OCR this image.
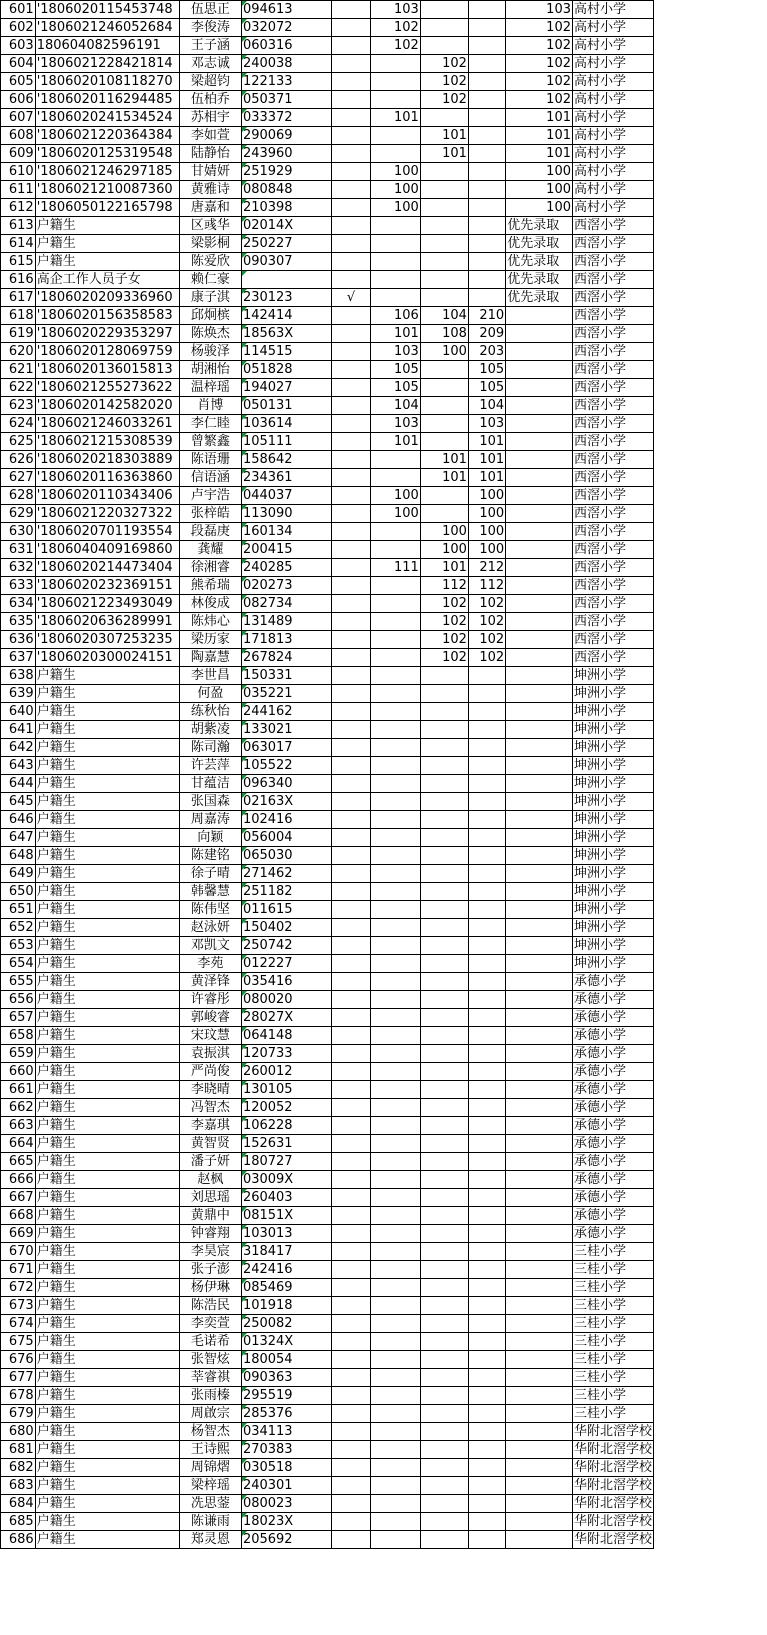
601	'1806020115453748	伍思正	094613		103			103	高村小学
602	'1806021246052684	李俊涛	032072		102			102	高村小学
603	180604082596191	王子涵	060316		102			102	高村小学
604	'1806021228421814	邓志诚	240038			102		102	高村小学
605	'1806020108118270	梁超钧	122133			102		102	高村小学
606	'1806020116294485	伍柏乔	050371			102		102	高村小学
607	'1806020241534524	苏相宇	033372		101			101	高村小学
608	'1806021220364384	李如萱	290069			101		101	高村小学
609	'1806020125319548	陆静怡	243960			101		101	高村小学
610	'1806021246297185	甘婧妍	251929		100			100	高村小学
611	'1806021210087360	黄雅诗	080848		100			100	高村小学
612	'1806050122165798	唐嘉和	210398		100			100	高村小学
613	户籍生	区彧华	02014X					优先录取	西滘小学
614	户籍生	梁影桐	250227					优先录取	西滘小学
615	户籍生	陈爱欣	090307					优先录取	西滘小学
616	高企工作人员子女	赖仁豪						优先录取	西滘小学
617	'1806020209336960	康子淇	230123	√				优先录取	西滘小学
618	'1806020156358583	邱炯槟	142414		106	104	210		西滘小学
619	'1806020229353297	陈焕杰	18563X		101	108	209		西滘小学
620	'1806020128069759	杨骏泽	114515		103	100	203		西滘小学
621	'1806020136015813	胡湘怡	051828		105		105		西滘小学
622	'1806021255273622	温梓瑶	194027		105		105		西滘小学
623	'1806020142582020	肖博	050131		104		104		西滘小学
624	'1806021246033261	李仁睦	103614		103		103		西滘小学
625	'1806021215308539	曾繁鑫	105111		101		101		西滘小学
626	'1806020218303889	陈语珊	158642			101	101		西滘小学
627	'1806020116363860	信语涵	234361			101	101		西滘小学
628	'1806020110343406	卢宇浩	044037		100		100		西滘小学
629	'1806021220327322	张梓皓	113090		100		100		西滘小学
630	'1806020701193554	段磊庚	160134			100	100		西滘小学
631	'1806040409169860	龚耀	200415			100	100		西滘小学
632	'1806020214473404	徐湘睿	240285		111	101	212		西滘小学
633	'1806020232369151	熊希瑞	020273			112	112		西滘小学
634	'1806021223493049	林俊成	082734			102	102		西滘小学
635	'1806020636289991	陈炜心	131489			102	102		西滘小学
636	'1806020307253235	梁历家	171813			102	102		西滘小学
637	'1806020300024151	陶嘉慧	267824			102	102		西滘小学
638	户籍生	李世昌	150331						坤洲小学
639	户籍生	何盈	035221						坤洲小学
640	户籍生	练秋怡	244162						坤洲小学
641	户籍生	胡紫凌	133021						坤洲小学
642	户籍生	陈司瀚	063017						坤洲小学
643	户籍生	许芸萍	105522						坤洲小学
644	户籍生	甘蕴洁	096340						坤洲小学
645	户籍生	张国森	02163X						坤洲小学
646	户籍生	周嘉涛	102416						坤洲小学
647	户籍生	向颖	056004						坤洲小学
648	户籍生	陈建铭	065030						坤洲小学
649	户籍生	徐子晴	271462						坤洲小学
650	户籍生	韩馨慧	251182						坤洲小学
651	户籍生	陈伟坚	011615						坤洲小学
652	户籍生	赵泳妍	150402						坤洲小学
653	户籍生	邓凯文	250742						坤洲小学
654	户籍生	李苑	012227						坤洲小学
655	户籍生	黄泽锋	035416						承德小学
656	户籍生	许睿彤	080020						承德小学
657	户籍生	郭峻睿	28027X						承德小学
658	户籍生	宋玟慧	064148						承德小学
659	户籍生	袁振淇	120733						承德小学
660	户籍生	严尚俊	260012						承德小学
661	户籍生	李晓晴	130105						承德小学
662	户籍生	冯智杰	120052						承德小学
663	户籍生	李嘉琪	106228						承德小学
664	户籍生	黄智贤	152631						承德小学
665	户籍生	潘子妍	180727						承德小学
666	户籍生	赵枫	03009X						承德小学
667	户籍生	刘思瑶	260403						承德小学
668	户籍生	黄鼎中	08151X						承德小学
669	户籍生	钟睿翔	103013						承德小学
670	户籍生	李昊宸	318417						三桂小学
671	户籍生	张子澎	242416						三桂小学
672	户籍生	杨伊琳	085469						三桂小学
673	户籍生	陈浩民	101918						三桂小学
674	户籍生	李奕萱	250082						三桂小学
675	户籍生	毛诺希	01324X						三桂小学
676	户籍生	张智炫	180054						三桂小学
677	户籍生	莘睿祺	090363						三桂小学
678	户籍生	张雨榛	295519						三桂小学
679	户籍生	周啟宗	285376						三桂小学
680	户籍生	杨智杰	034113						华附北滘学校
681	户籍生	王诗熙	270383						华附北滘学校
682	户籍生	周锦熠	030518						华附北滘学校
683	户籍生	梁梓瑶	240301						华附北滘学校
684	户籍生	冼思蓥	080023						华附北滘学校
685	户籍生	陈谦雨	18023X						华附北滘学校
686	户籍生	郑灵恩	205692						华附北滘学校
